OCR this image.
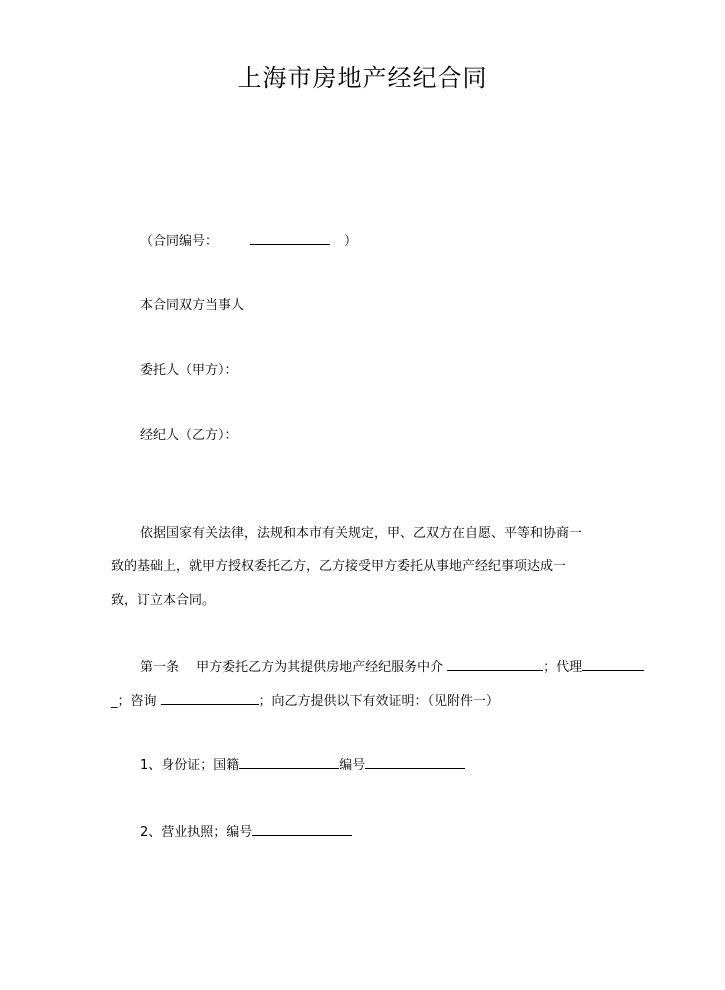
上海市房地产经纪合同
（合同编号：	）
本合同双方当事人
委托人（甲方）：
经纪人（乙方）：
依据国家有关法律，法规和本市有关规定，甲、乙双方在自愿、平等和协商一
致的基础上，就甲方授权委托乙方，乙方接受甲方委托从事地产经纪事项达成一
致，订立本合同。
第一条　 甲方委托乙方为其提供房地产经纪服务中介	；代理
_；咨询	；向乙方提供以下有效证明：（见附件一）
1、身份证；国籍	编号
2、营业执照；编号
